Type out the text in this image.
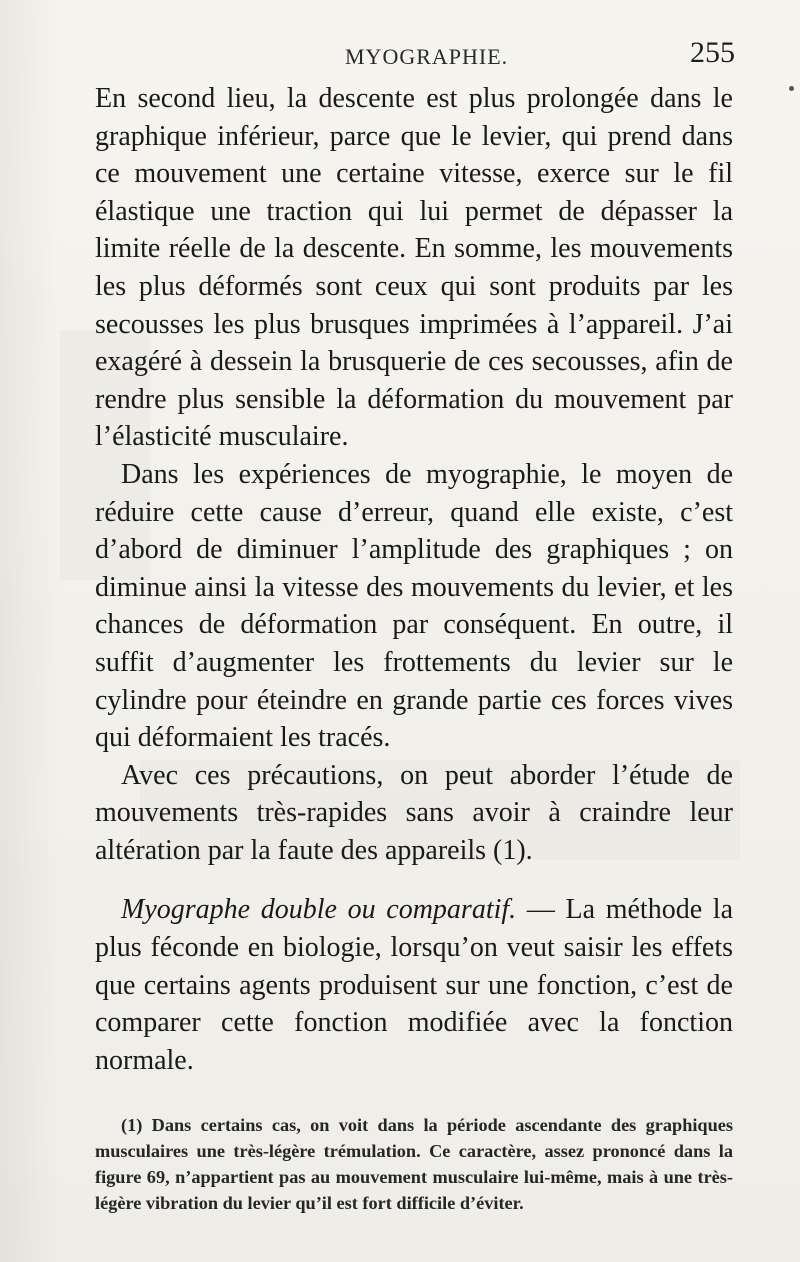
MYOGRAPHIE.	255

En second lieu, la descente est plus prolongée dans le graphique inférieur, parce que le levier, qui prend dans ce mouvement une certaine vitesse, exerce sur le fil élastique une traction qui lui permet de dépasser la limite réelle de la descente. En somme, les mouvements les plus déformés sont ceux qui sont produits par les secousses les plus brusques imprimées à l’appareil. J’ai exagéré à dessein la brusquerie de ces secousses, afin de rendre plus sensible la déformation du mouvement par l’élasticité musculaire.

Dans les expériences de myographie, le moyen de réduire cette cause d’erreur, quand elle existe, c’est d’abord de diminuer l’amplitude des graphiques ; on diminue ainsi la vitesse des mouvements du levier, et les chances de déformation par conséquent. En outre, il suffit d’augmenter les frottements du levier sur le cylindre pour éteindre en grande partie ces forces vives qui déformaient les tracés.

Avec ces précautions, on peut aborder l’étude de mouvements très-rapides sans avoir à craindre leur altération par la faute des appareils (1).

Myographe double ou comparatif. — La méthode la plus féconde en biologie, lorsqu’on veut saisir les effets que certains agents produisent sur une fonction, c’est de comparer cette fonction modifiée avec la fonction normale.

(1) Dans certains cas, on voit dans la période ascendante des graphiques musculaires une très-légère trémulation. Ce caractère, assez prononcé dans la figure 69, n’appartient pas au mouvement musculaire lui-même, mais à une très-légère vibration du levier qu’il est fort difficile d’éviter.
